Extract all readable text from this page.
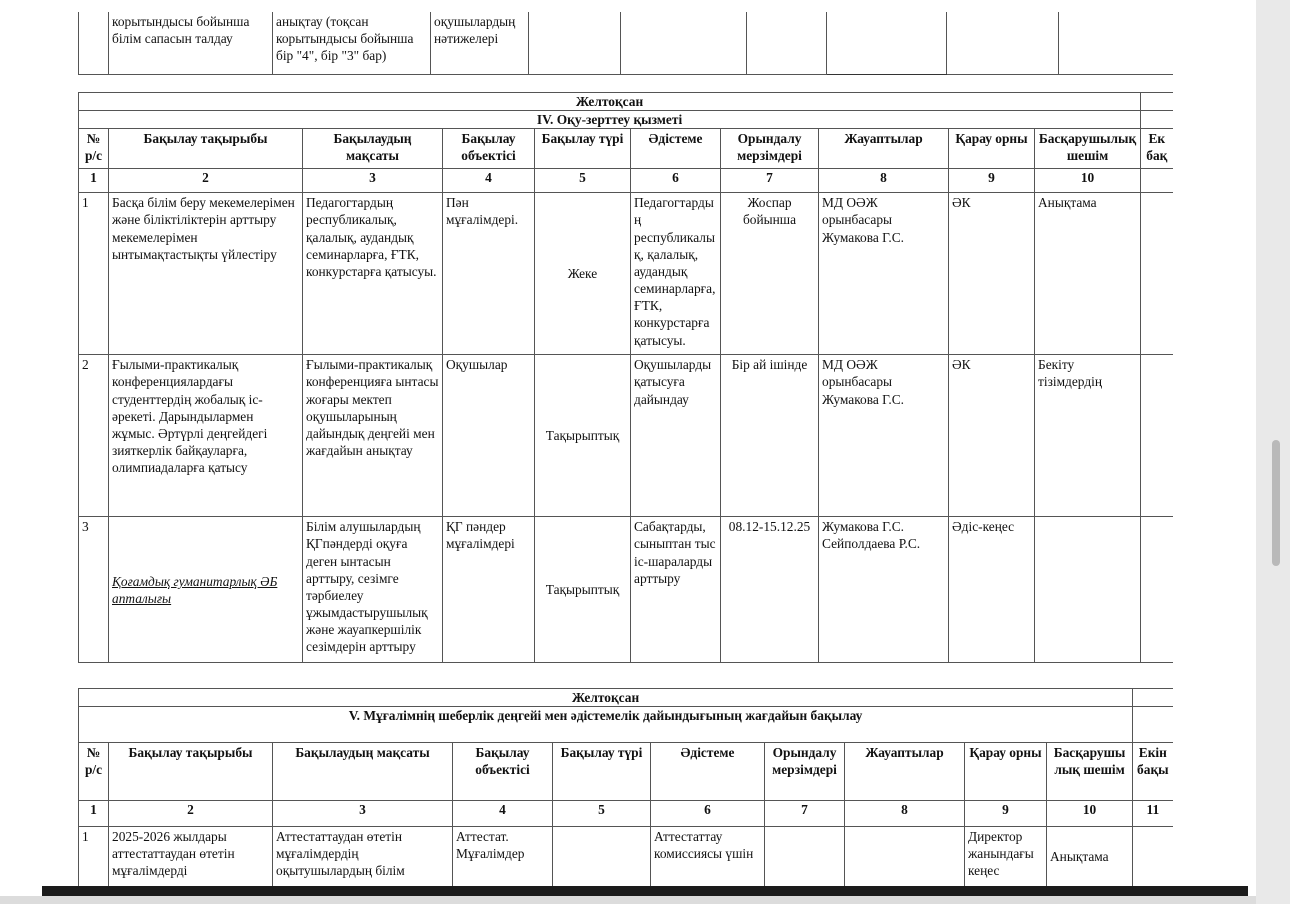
	корытындысы бойынша білім сапасын талдау	анықтау (тоқсан корытындысы бойынша бір "4", бір "3" бар)	оқушылардың нәтижелері						
Желтоқсан										
IV. Оқу-зерттеу қызметі										
№ р/с	Бақылау тақырыбы	Бақылаудың мақсаты	Бақылау объектісі	Бақылау түрі	Әдістеме	Орындалу мерзімдері	Жауаптылар	Қарау орны	Басқарушылық шешім	Ек бақ
1	2	3	4	5	6	7	8	9	10	
1	Басқа білім беру мекемелерімен және біліктіліктерін арттыру мекемелерімен ынтымақтастықты үйлестіру	Педагогтардың республикалық, қалалық, аудандық семинарларға, ҒТК, конкурстарға қатысуы.	Пән мұғалімдері.	Жеке	Педагогтардың республикалық, қалалық, аудандық семинарларға, ҒТК, конкурстарға қатысуы.	Жоспар бойынша	МД ОӘЖ орынбасары Жумакова Г.С.	ӘК	Анықтама	
2	Ғылыми-практикалық конференциялардағы студенттердің жобалық іс-әрекеті. Дарындылармен жұмыс. Әртүрлі деңгейдегі зияткерлік байқауларға, олимпиадаларға қатысу	Ғылыми-практикалық конференцияға ынтасы жоғары мектеп оқушыларының дайындық деңгейі мен жағдайын анықтау	Оқушылар	Тақырыптық	Оқушыларды қатысуға дайындау	Бір ай ішінде	МД ОӘЖ орынбасары Жумакова Г.С.	ӘК	Бекіту тізімдердің	
3	Қоғамдық гуманитарлық ӘБ апталығы	Білім алушылардың ҚГпәндерді оқуға деген ынтасын арттыру, сезімге тәрбиелеу ұжымдастырушылық және жауапкершілік сезімдерін арттыру	ҚГ пәндер мұғалімдері	Тақырыптық	Сабақтарды, сыныптан тыс іс-шараларды арттыру	08.12-15.12.25	Жумакова Г.С. Сейполдаева Р.С.	Әдіс-кеңес		
Желтоқсан										
V. Мұғалімнің шеберлік деңгейі мен әдістемелік дайындығының жағдайын бақылау										
№ р/с	Бақылау тақырыбы	Бақылаудың мақсаты	Бақылау объектісі	Бақылау түрі	Әдістеме	Орындалу мерзімдері	Жауаптылар	Қарау орны	Басқарушылық шешім	Екін бақы
1	2	3	4	5	6	7	8	9	10	11
1	2025-2026 жылдары аттестаттаудан өтетін мұғалімдерді	Аттестаттаудан өтетін мұғалімдердің оқытушылардың білім	Аттестат. Мұғалімдер		Аттестаттау комиссиясы үшін			Директор жанындағы кеңес	Анықтама	
